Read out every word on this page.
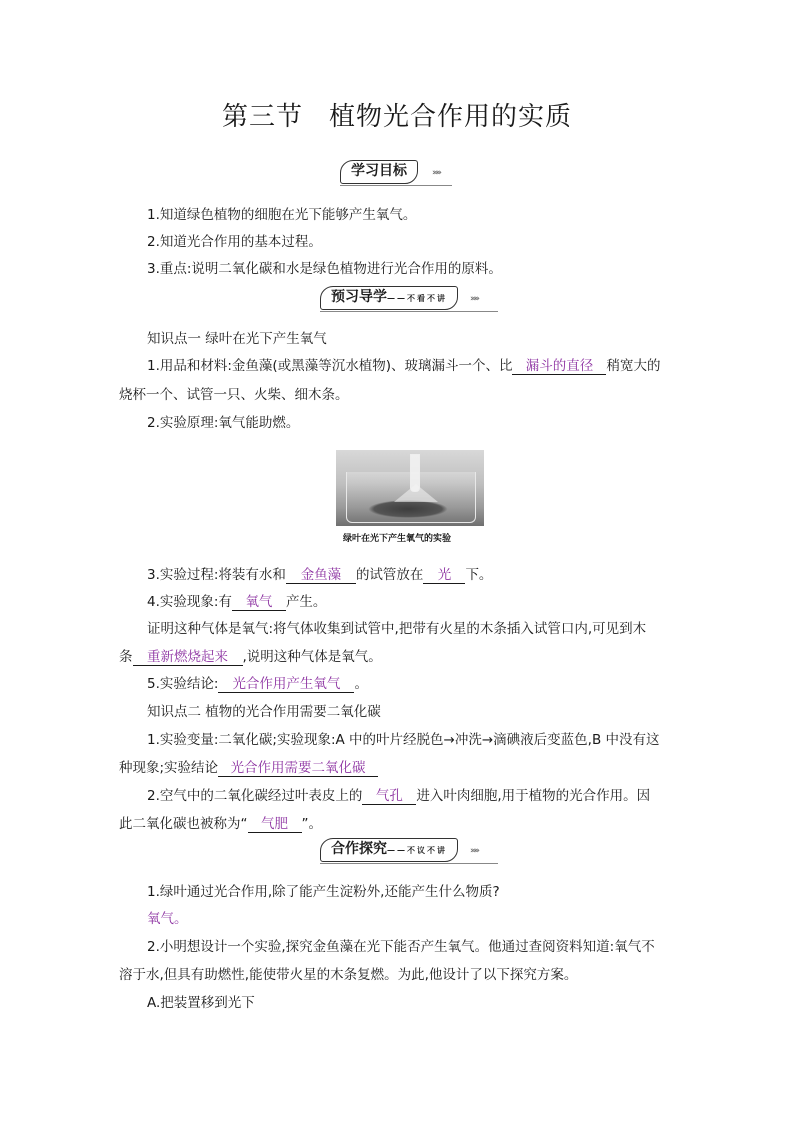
第三节 植物光合作用的实质
学习目标	›››››
1.知道绿色植物的细胞在光下能够产生氧气。
2.知道光合作用的基本过程。
3.重点:说明二氧化碳和水是绿色植物进行光合作用的原料。
预习导学——不看不讲	›››››
知识点一 绿叶在光下产生氧气
1.用品和材料:金鱼藻(或黑藻等沉水植物)、玻璃漏斗一个、比 漏斗的直径 稍宽大的
烧杯一个、试管一只、火柴、细木条。
2.实验原理:氧气能助燃。
绿叶在光下产生氧气的实验
3.实验过程:将装有水和 金鱼藻 的试管放在 光 下。
4.实验现象:有 氧气 产生。
证明这种气体是氧气:将气体收集到试管中,把带有火星的木条插入试管口内,可见到木
条 重新燃烧起来 ,说明这种气体是氧气。
5.实验结论: 光合作用产生氧气 。
知识点二 植物的光合作用需要二氧化碳
1.实验变量:二氧化碳;实验现象:A 中的叶片经脱色→冲洗→滴碘液后变蓝色,B 中没有这
种现象;实验结论 光合作用需要二氧化碳
2.空气中的二氧化碳经过叶表皮上的 气孔 进入叶肉细胞,用于植物的光合作用。因
此二氧化碳也被称为“ 气肥 ”。
合作探究——不议不讲	›››››
1.绿叶通过光合作用,除了能产生淀粉外,还能产生什么物质?
氧气。
2.小明想设计一个实验,探究金鱼藻在光下能否产生氧气。他通过查阅资料知道:氧气不
溶于水,但具有助燃性,能使带火星的木条复燃。为此,他设计了以下探究方案。
A.把装置移到光下
